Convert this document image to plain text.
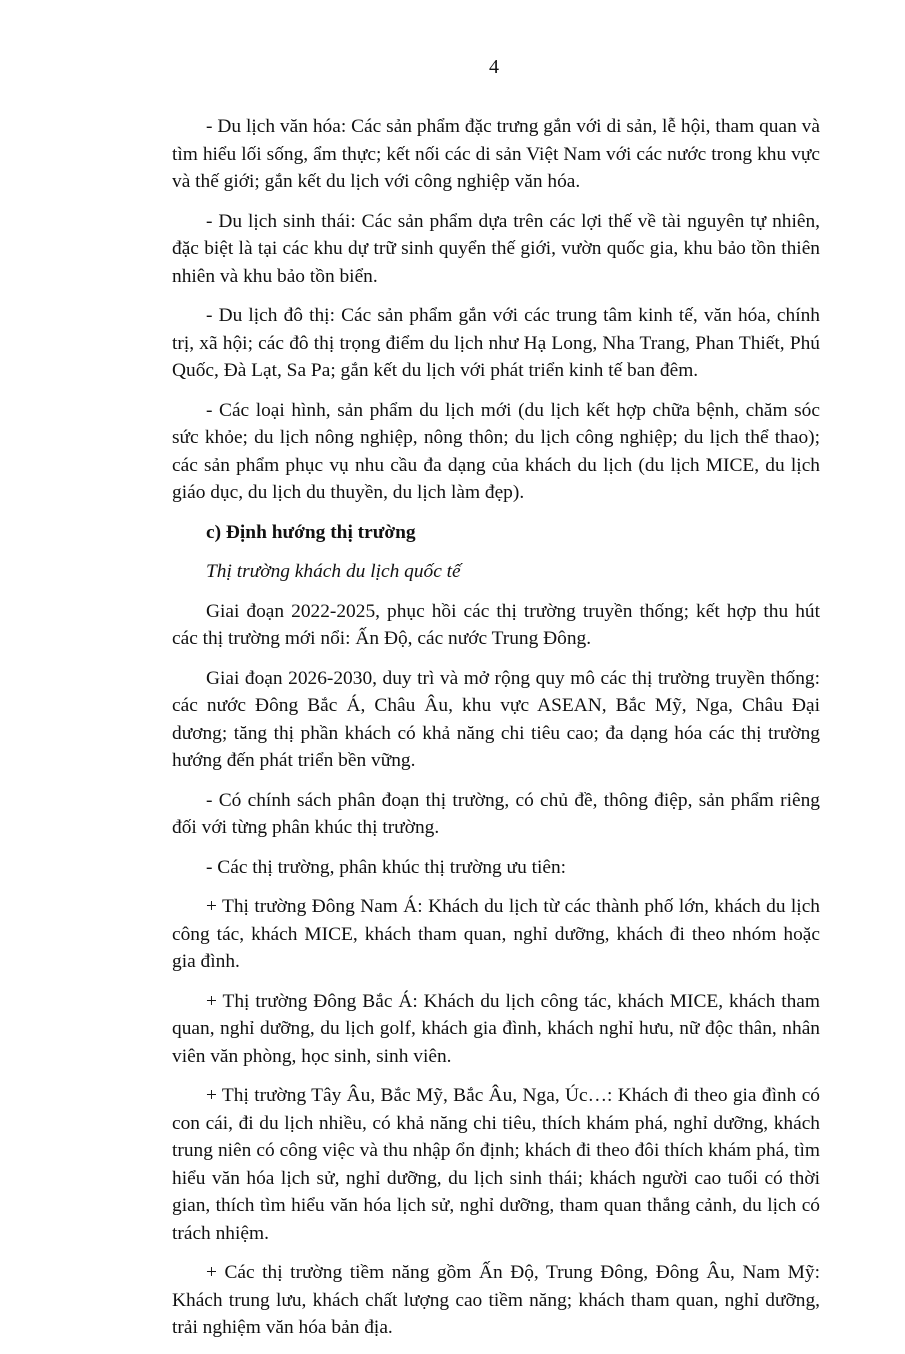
4

- Du lịch văn hóa: Các sản phẩm đặc trưng gắn với di sản, lễ hội, tham quan và tìm hiểu lối sống, ẩm thực; kết nối các di sản Việt Nam với các nước trong khu vực và thế giới; gắn kết du lịch với công nghiệp văn hóa.

- Du lịch sinh thái: Các sản phẩm dựa trên các lợi thế về tài nguyên tự nhiên, đặc biệt là tại các khu dự trữ sinh quyển thế giới, vườn quốc gia, khu bảo tồn thiên nhiên và khu bảo tồn biển.

- Du lịch đô thị: Các sản phẩm gắn với các trung tâm kinh tế, văn hóa, chính trị, xã hội; các đô thị trọng điểm du lịch như Hạ Long, Nha Trang, Phan Thiết, Phú Quốc, Đà Lạt, Sa Pa; gắn kết du lịch với phát triển kinh tế ban đêm.

- Các loại hình, sản phẩm du lịch mới (du lịch kết hợp chữa bệnh, chăm sóc sức khỏe; du lịch nông nghiệp, nông thôn; du lịch công nghiệp; du lịch thể thao); các sản phẩm phục vụ nhu cầu đa dạng của khách du lịch (du lịch MICE, du lịch giáo dục, du lịch du thuyền, du lịch làm đẹp).

c) Định hướng thị trường
Thị trường khách du lịch quốc tế

Giai đoạn 2022-2025, phục hồi các thị trường truyền thống; kết hợp thu hút các thị trường mới nổi: Ấn Độ, các nước Trung Đông.

Giai đoạn 2026-2030, duy trì và mở rộng quy mô các thị trường truyền thống: các nước Đông Bắc Á, Châu Âu, khu vực ASEAN, Bắc Mỹ, Nga, Châu Đại dương; tăng thị phần khách có khả năng chi tiêu cao; đa dạng hóa các thị trường hướng đến phát triển bền vững.

- Có chính sách phân đoạn thị trường, có chủ đề, thông điệp, sản phẩm riêng đối với từng phân khúc thị trường.

- Các thị trường, phân khúc thị trường ưu tiên:

+ Thị trường Đông Nam Á: Khách du lịch từ các thành phố lớn, khách du lịch công tác, khách MICE, khách tham quan, nghỉ dưỡng, khách đi theo nhóm hoặc gia đình.

+ Thị trường Đông Bắc Á: Khách du lịch công tác, khách MICE, khách tham quan, nghỉ dưỡng, du lịch golf, khách gia đình, khách nghỉ hưu, nữ độc thân, nhân viên văn phòng, học sinh, sinh viên.

+ Thị trường Tây Âu, Bắc Mỹ, Bắc Âu, Nga, Úc…: Khách đi theo gia đình có con cái, đi du lịch nhiều, có khả năng chi tiêu, thích khám phá, nghỉ dưỡng, khách trung niên có công việc và thu nhập ổn định; khách đi theo đôi thích khám phá, tìm hiểu văn hóa lịch sử, nghỉ dưỡng, du lịch sinh thái; khách người cao tuổi có thời gian, thích tìm hiểu văn hóa lịch sử, nghỉ dưỡng, tham quan thắng cảnh, du lịch có trách nhiệm.

+ Các thị trường tiềm năng gồm Ấn Độ, Trung Đông, Đông Âu, Nam Mỹ: Khách trung lưu, khách chất lượng cao tiềm năng; khách tham quan, nghỉ dưỡng, trải nghiệm văn hóa bản địa.
